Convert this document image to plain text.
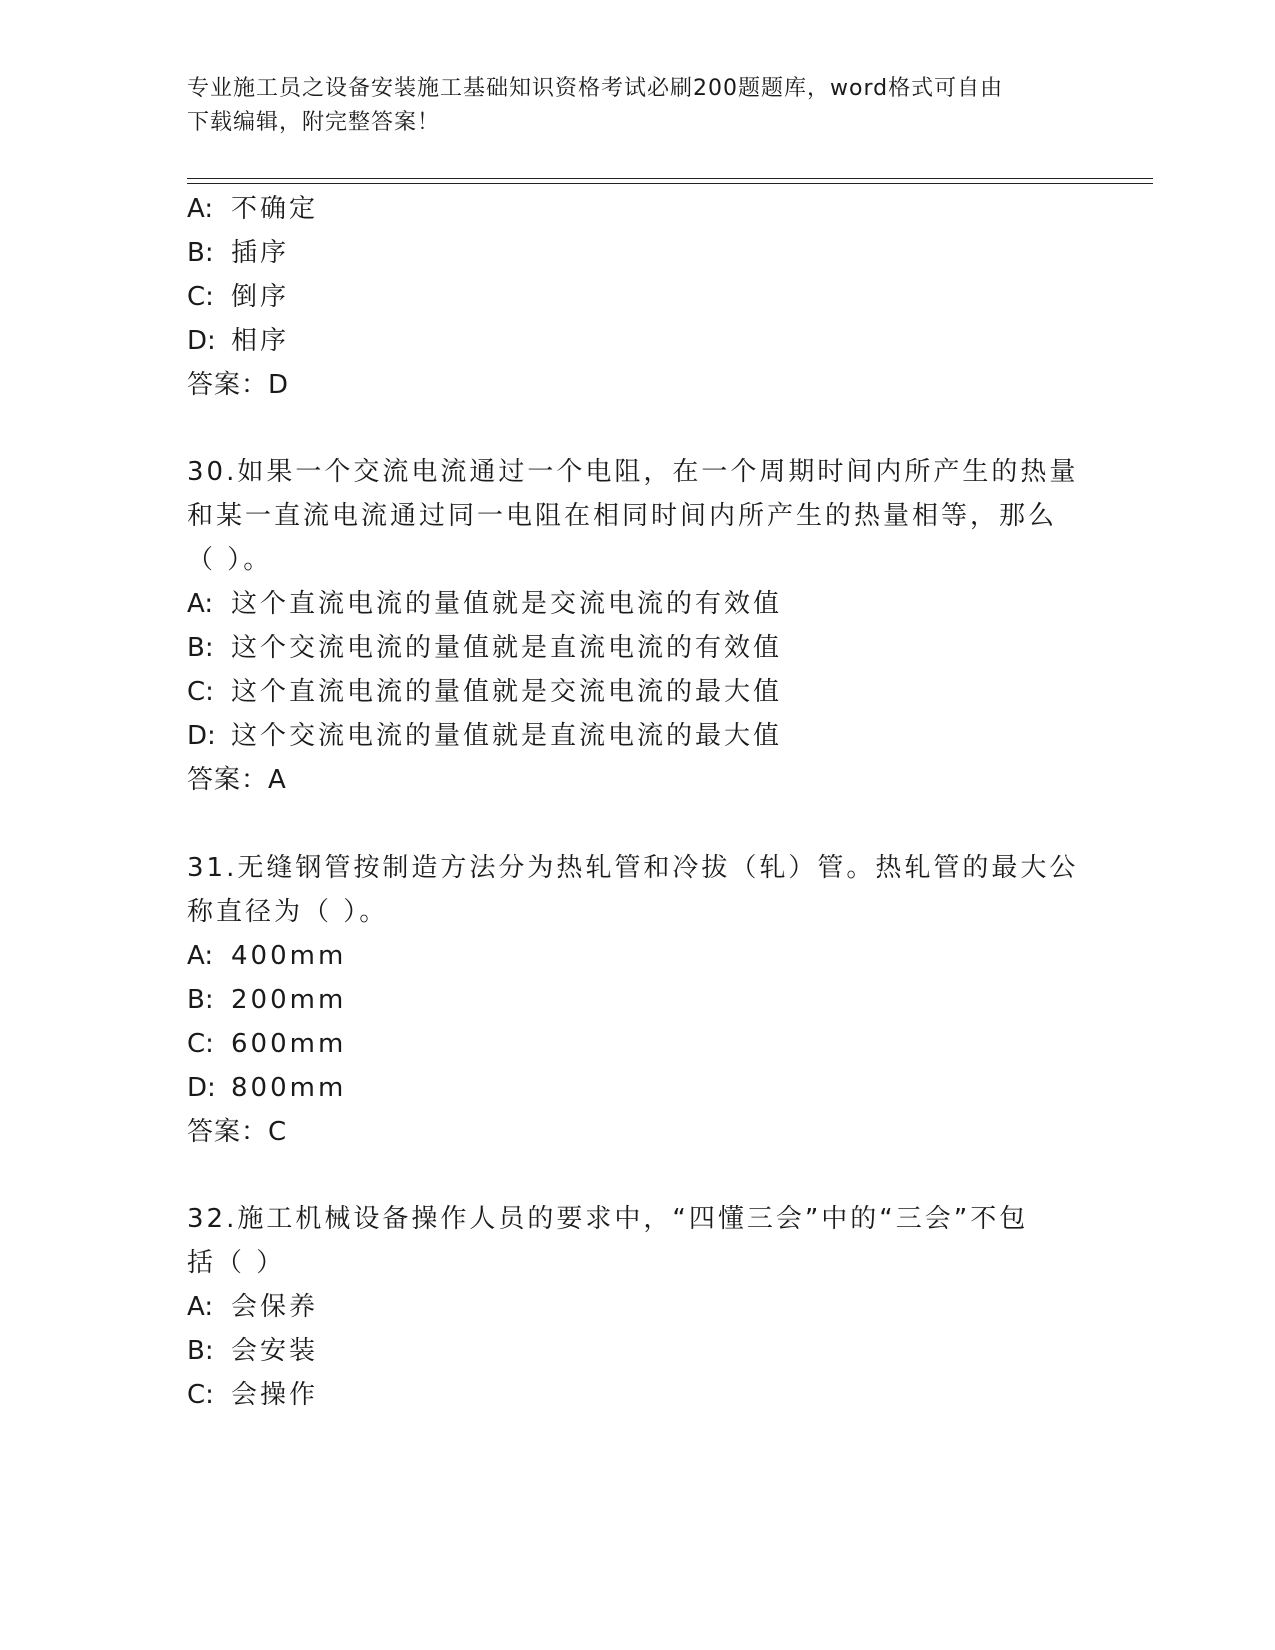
专业施工员之设备安装施工基础知识资格考试必刷200题题库，word格式可自由
下载编辑，附完整答案！
A: 不确定
B: 插序
C: 倒序
D: 相序
答案：D
30.如果一个交流电流通过一个电阻，在一个周期时间内所产生的热量
和某一直流电流通过同一电阻在相同时间内所产生的热量相等，那么
（ ）。
A: 这个直流电流的量值就是交流电流的有效值
B: 这个交流电流的量值就是直流电流的有效值
C: 这个直流电流的量值就是交流电流的最大值
D: 这个交流电流的量值就是直流电流的最大值
答案：A
31.无缝钢管按制造方法分为热轧管和冷拔（轧）管。热轧管的最大公
称直径为（ ）。
A: 400mm
B: 200mm
C: 600mm
D: 800mm
答案：C
32.施工机械设备操作人员的要求中，“四懂三会”中的“三会”不包
括（ ）
A: 会保养
B: 会安装
C: 会操作
